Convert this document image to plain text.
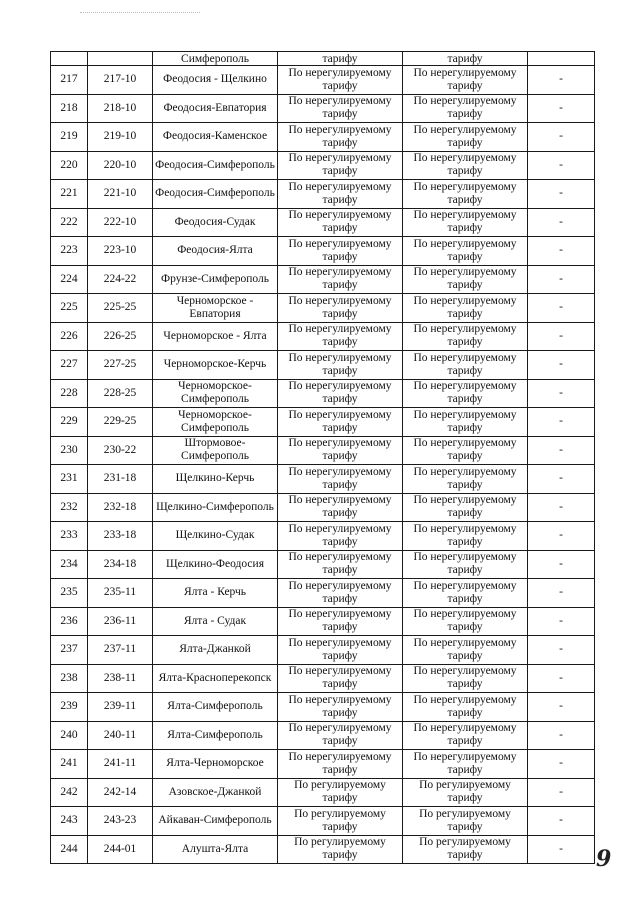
		Симферополь	тарифу	тарифу	

217	217-10	Феодосия - Щелкино	По нерегулируемому тарифу	По нерегулируемому тарифу	-

218	218-10	Феодосия-Евпатория	По нерегулируемому тарифу	По нерегулируемому тарифу	-

219	219-10	Феодосия-Каменское	По нерегулируемому тарифу	По нерегулируемому тарифу	-

220	220-10	Феодосия-Симферополь	По нерегулируемому тарифу	По нерегулируемому тарифу	-

221	221-10	Феодосия-Симферополь	По нерегулируемому тарифу	По нерегулируемому тарифу	-

222	222-10	Феодосия-Судак	По нерегулируемому тарифу	По нерегулируемому тарифу	-

223	223-10	Феодосия-Ялта	По нерегулируемому тарифу	По нерегулируемому тарифу	-

224	224-22	Фрунзе-Симферополь	По нерегулируемому тарифу	По нерегулируемому тарифу	-

225	225-25	Черноморское - Евпатория	По нерегулируемому тарифу	По нерегулируемому тарифу	-

226	226-25	Черноморское - Ялта	По нерегулируемому тарифу	По нерегулируемому тарифу	-

227	227-25	Черноморское-Керчь	По нерегулируемому тарифу	По нерегулируемому тарифу	-

228	228-25	Черноморское-Симферополь	По нерегулируемому тарифу	По нерегулируемому тарифу	-

229	229-25	Черноморское-Симферополь	По нерегулируемому тарифу	По нерегулируемому тарифу	-

230	230-22	Штормовое-Симферополь	По нерегулируемому тарифу	По нерегулируемому тарифу	-

231	231-18	Щелкино-Керчь	По нерегулируемому тарифу	По нерегулируемому тарифу	-

232	232-18	Щелкино-Симферополь	По нерегулируемому тарифу	По нерегулируемому тарифу	-

233	233-18	Щелкино-Судак	По нерегулируемому тарифу	По нерегулируемому тарифу	-

234	234-18	Щелкино-Феодосия	По нерегулируемому тарифу	По нерегулируемому тарифу	-

235	235-11	Ялта - Керчь	По нерегулируемому тарифу	По нерегулируемому тарифу	-

236	236-11	Ялта - Судак	По нерегулируемому тарифу	По нерегулируемому тарифу	-

237	237-11	Ялта-Джанкой	По нерегулируемому тарифу	По нерегулируемому тарифу	-

238	238-11	Ялта-Красноперекопск	По нерегулируемому тарифу	По нерегулируемому тарифу	-

239	239-11	Ялта-Симферополь	По нерегулируемому тарифу	По нерегулируемому тарифу	-

240	240-11	Ялта-Симферополь	По нерегулируемому тарифу	По нерегулируемому тарифу	-

241	241-11	Ялта-Черноморское	По нерегулируемому тарифу	По нерегулируемому тарифу	-

242	242-14	Азовское-Джанкой	По регулируемому тарифу	По регулируемому тарифу	-

243	243-23	Айкаван-Симферополь	По регулируемому тарифу	По регулируемому тарифу	-

244	244-01	Алушта-Ялта	По регулируемому тарифу	По регулируемому тарифу	-	9
